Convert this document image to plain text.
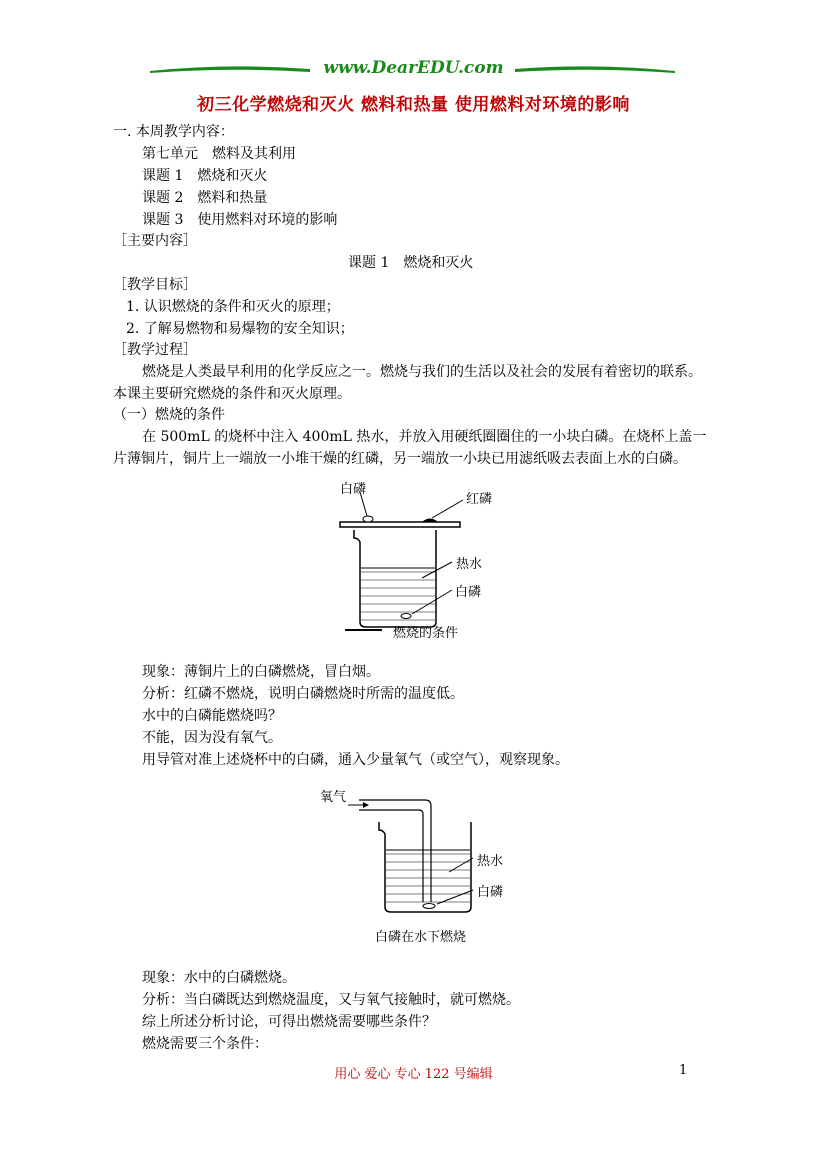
www.DearEDU.com
初三化学燃烧和灭火 燃料和热量 使用燃料对环境的影响
一. 本周教学内容：
第七单元　燃料及其利用
课题 1　燃烧和灭火
课题 2　燃料和热量
课题 3　使用燃料对环境的影响
［主要内容］
课题 1　燃烧和灭火
［教学目标］
1. 认识燃烧的条件和灭火的原理；
2. 了解易燃物和易爆物的安全知识；
［教学过程］
燃烧是人类最早利用的化学反应之一。燃烧与我们的生活以及社会的发展有着密切的联系。
本课主要研究燃烧的条件和灭火原理。
（一）燃烧的条件
在 500mL 的烧杯中注入 400mL 热水，并放入用硬纸圈圈住的一小块白磷。在烧杯上盖一
片薄铜片，铜片上一端放一小堆干燥的红磷，另一端放一小块已用滤纸吸去表面上水的白磷。
白磷
红磷
热水
白磷
燃烧的条件
现象：薄铜片上的白磷燃烧，冒白烟。
分析：红磷不燃烧，说明白磷燃烧时所需的温度低。
水中的白磷能燃烧吗？
不能，因为没有氧气。
用导管对准上述烧杯中的白磷，通入少量氧气（或空气），观察现象。
氧气
热水
白磷
白磷在水下燃烧
现象：水中的白磷燃烧。
分析：当白磷既达到燃烧温度，又与氧气接触时，就可燃烧。
综上所述分析讨论，可得出燃烧需要哪些条件？
燃烧需要三个条件：
用心 爱心 专心 122 号编辑	1
